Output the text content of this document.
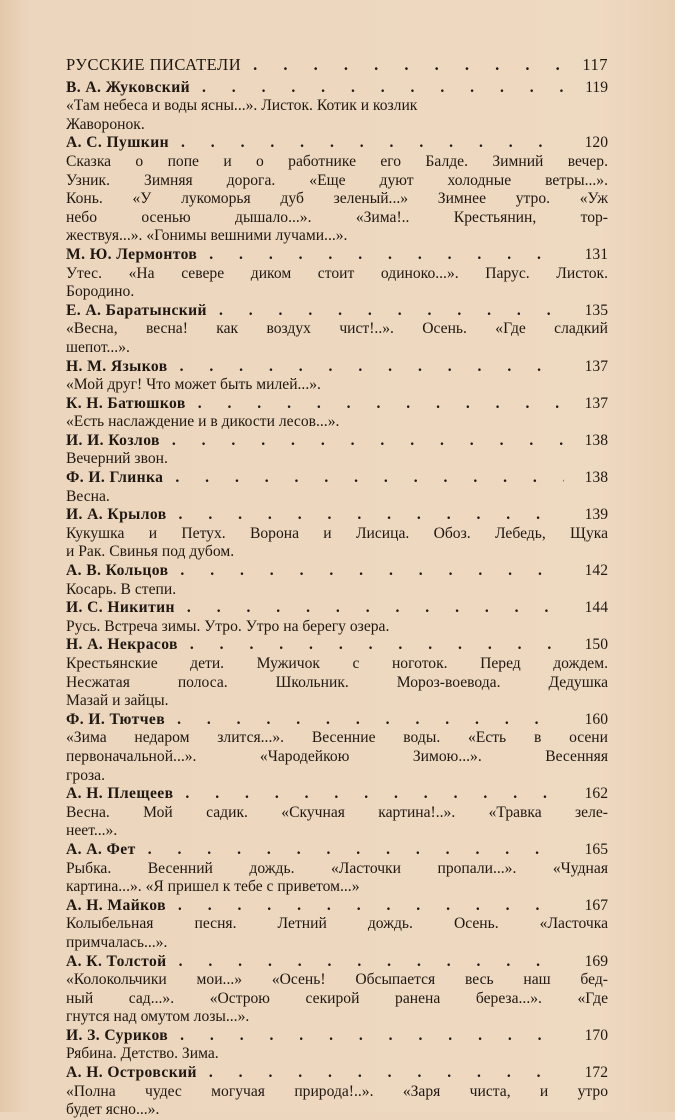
РУССКИЕ ПИСАТЕЛИ . . .	117
В. А. Жуковский . . .	119
«Там небеса и воды ясны...». Листок. Котик и козлик
Жаворонок.
А. С. Пушкин . . .	120
Сказка о попе и о работнике его Балде. Зимний вечер.
Узник. Зимняя дорога. «Еще дуют холодные ветры...».
Конь. «У лукоморья дуб зеленый...» Зимнее утро. «Уж
небо осенью дышало...». «Зима!.. Крестьянин, тор-
жествуя...». «Гонимы вешними лучами...».
М. Ю. Лермонтов . . .	131
Утес. «На севере диком стоит одиноко...». Парус. Листок.
Бородино.
Е. А. Баратынский . . .	135
«Весна, весна! как воздух чист!..». Осень. «Где сладкий
шепот...».
Н. М. Языков . . .	137
«Мой друг! Что может быть милей...».
К. Н. Батюшков . . .	137
«Есть наслаждение и в дикости лесов...».
И. И. Козлов . . .	138
Вечерний звон.
Ф. И. Глинка . . .	138
Весна.
И. А. Крылов . . .	139
Кукушка и Петух. Ворона и Лисица. Обоз. Лебедь, Щука
и Рак. Свинья под дубом.
А. В. Кольцов . . .	142
Косарь. В степи.
И. С. Никитин . . .	144
Русь. Встреча зимы. Утро. Утро на берегу озера.
Н. А. Некрасов . . .	150
Крестьянские дети. Мужичок с ноготок. Перед дождем.
Несжатая полоса. Школьник. Мороз-воевода. Дедушка
Мазай и зайцы.
Ф. И. Тютчев . . .	160
«Зима недаром злится...». Весенние воды. «Есть в осени
первоначальной...». «Чародейкою Зимою...». Весенняя
гроза.
А. Н. Плещеев . . .	162
Весна. Мой садик. «Скучная картина!..». «Травка зеле-
неет...».
А. А. Фет . . .	165
Рыбка. Весенний дождь. «Ласточки пропали...». «Чудная
картина...». «Я пришел к тебе с приветом...»
А. Н. Майков . . .	167
Колыбельная песня. Летний дождь. Осень. «Ласточка
примчалась...».
А. К. Толстой . . .	169
«Колокольчики мои...» «Осень! Обсыпается весь наш бед-
ный сад...». «Острою секирой ранена береза...». «Где
гнутся над омутом лозы...».
И. З. Суриков . . .	170
Рябина. Детство. Зима.
А. Н. Островский . . .	172
«Полна чудес могучая природа!..». «Заря чиста, и утро
будет ясно...».
